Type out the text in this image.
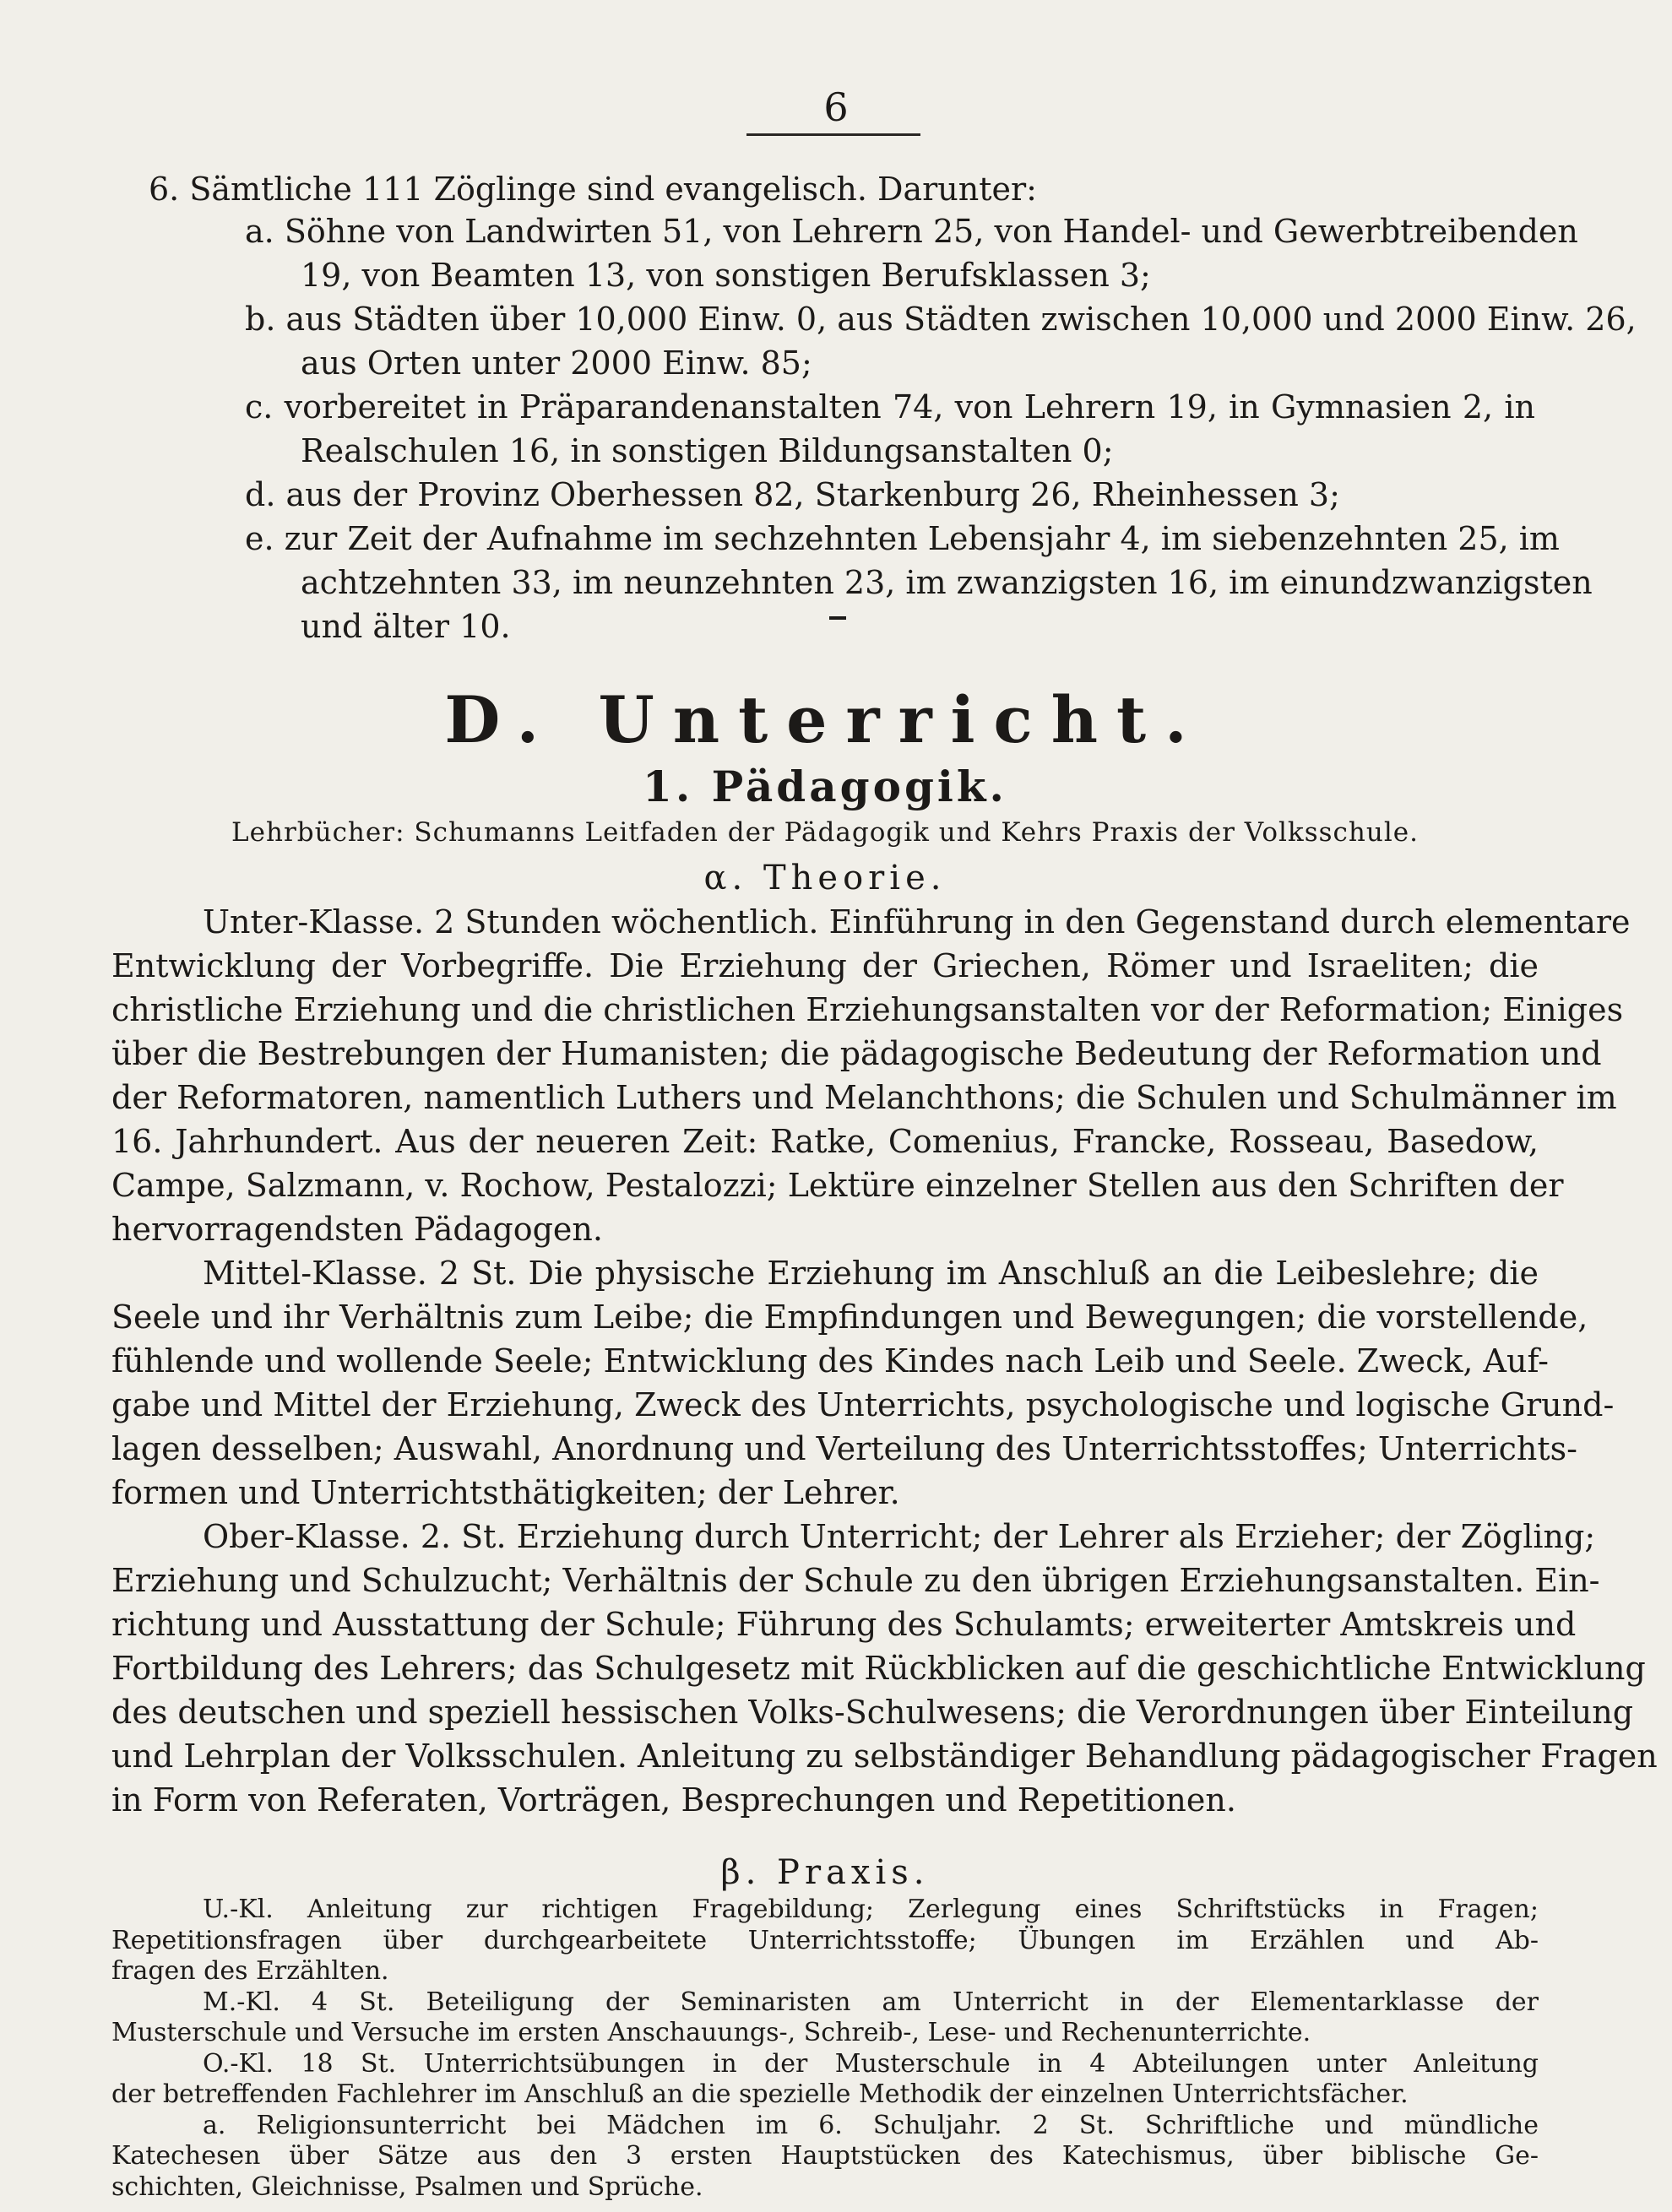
6
6. Sämtliche 111 Zöglinge sind evangelisch. Darunter:
a. Söhne von Landwirten 51, von Lehrern 25, von Handel- und Gewerbtreibenden
19, von Beamten 13, von sonstigen Berufsklassen 3;
b. aus Städten über 10,000 Einw. 0, aus Städten zwischen 10,000 und 2000 Einw. 26,
aus Orten unter 2000 Einw. 85;
c. vorbereitet in Präparandenanstalten 74, von Lehrern 19, in Gymnasien 2, in
Realschulen 16, in sonstigen Bildungsanstalten 0;
d. aus der Provinz Oberhessen 82, Starkenburg 26, Rheinhessen 3;
e. zur Zeit der Aufnahme im sechzehnten Lebensjahr 4, im siebenzehnten 25, im
achtzehnten 33, im neunzehnten 23, im zwanzigsten 16, im einundzwanzigsten
und älter 10.
D. Unterricht.
1. Pädagogik.
Lehrbücher: Schumanns Leitfaden der Pädagogik und Kehrs Praxis der Volksschule.
α. Theorie.
Unter-Klasse. 2 Stunden wöchentlich. Einführung in den Gegenstand durch elementare
Entwicklung der Vorbegriffe. Die Erziehung der Griechen, Römer und Israeliten; die
christliche Erziehung und die christlichen Erziehungsanstalten vor der Reformation; Einiges
über die Bestrebungen der Humanisten; die pädagogische Bedeutung der Reformation und
der Reformatoren, namentlich Luthers und Melanchthons; die Schulen und Schulmänner im
16. Jahrhundert. Aus der neueren Zeit: Ratke, Comenius, Francke, Rosseau, Basedow,
Campe, Salzmann, v. Rochow, Pestalozzi; Lektüre einzelner Stellen aus den Schriften der
hervorragendsten Pädagogen.
Mittel-Klasse. 2 St. Die physische Erziehung im Anschluß an die Leibeslehre; die
Seele und ihr Verhältnis zum Leibe; die Empfindungen und Bewegungen; die vorstellende,
fühlende und wollende Seele; Entwicklung des Kindes nach Leib und Seele. Zweck, Auf-
gabe und Mittel der Erziehung, Zweck des Unterrichts, psychologische und logische Grund-
lagen desselben; Auswahl, Anordnung und Verteilung des Unterrichtsstoffes; Unterrichts-
formen und Unterrichtsthätigkeiten; der Lehrer.
Ober-Klasse. 2. St. Erziehung durch Unterricht; der Lehrer als Erzieher; der Zögling;
Erziehung und Schulzucht; Verhältnis der Schule zu den übrigen Erziehungsanstalten. Ein-
richtung und Ausstattung der Schule; Führung des Schulamts; erweiterter Amtskreis und
Fortbildung des Lehrers; das Schulgesetz mit Rückblicken auf die geschichtliche Entwicklung
des deutschen und speziell hessischen Volks-Schulwesens; die Verordnungen über Einteilung
und Lehrplan der Volksschulen. Anleitung zu selbständiger Behandlung pädagogischer Fragen
in Form von Referaten, Vorträgen, Besprechungen und Repetitionen.
β. Praxis.
U.-Kl. Anleitung zur richtigen Fragebildung; Zerlegung eines Schriftstücks in Fragen;
Repetitionsfragen über durchgearbeitete Unterrichtsstoffe; Übungen im Erzählen und Ab-
fragen des Erzählten.
M.-Kl. 4 St. Beteiligung der Seminaristen am Unterricht in der Elementarklasse der
Musterschule und Versuche im ersten Anschauungs-, Schreib-, Lese- und Rechenunterrichte.
O.-Kl. 18 St. Unterrichtsübungen in der Musterschule in 4 Abteilungen unter Anleitung
der betreffenden Fachlehrer im Anschluß an die spezielle Methodik der einzelnen Unterrichtsfächer.
a. Religionsunterricht bei Mädchen im 6. Schuljahr. 2 St. Schriftliche und mündliche
Katechesen über Sätze aus den 3 ersten Hauptstücken des Katechismus, über biblische Ge-
schichten, Gleichnisse, Psalmen und Sprüche.
